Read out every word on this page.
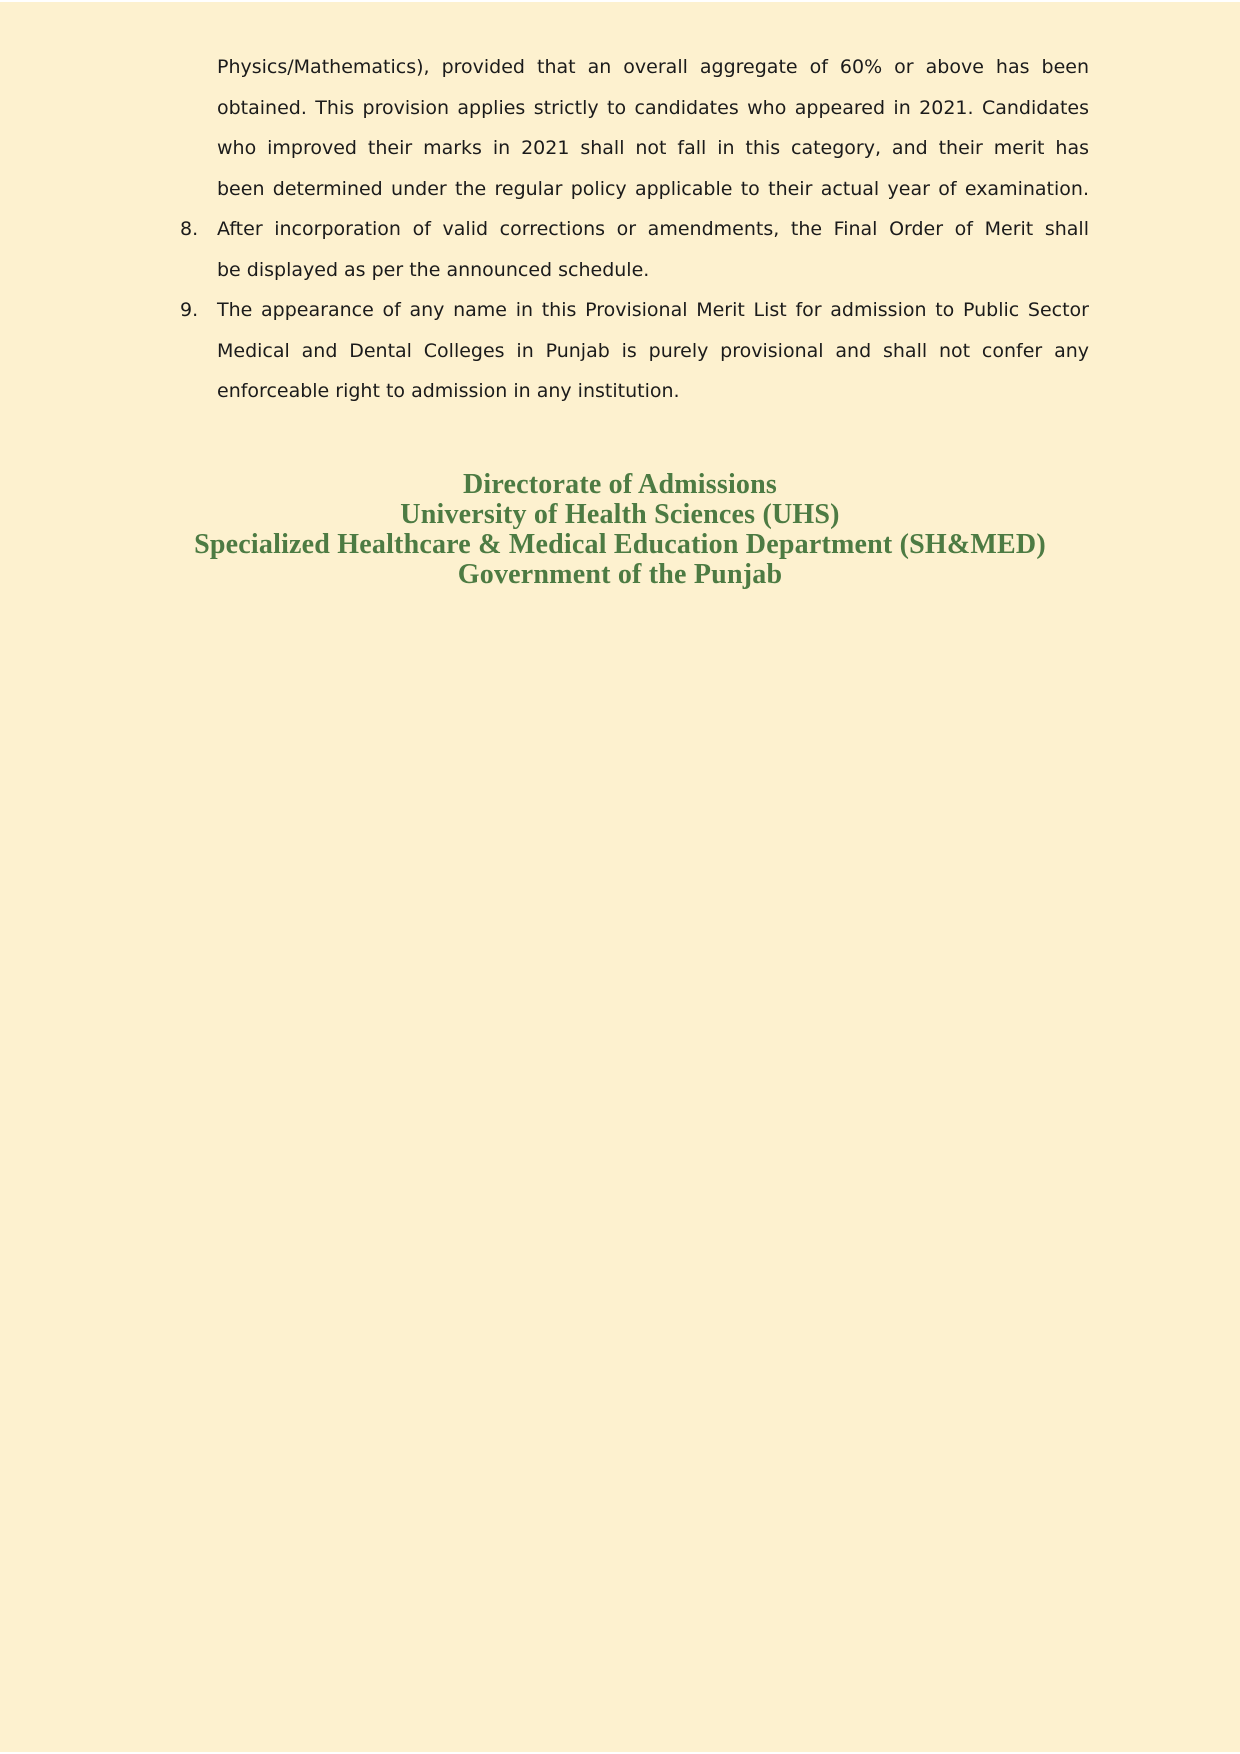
Physics/Mathematics), provided that an overall aggregate of 60% or above has been
obtained. This provision applies strictly to candidates who appeared in 2021. Candidates
who improved their marks in 2021 shall not fall in this category, and their merit has
been determined under the regular policy applicable to their actual year of examination.
8. After incorporation of valid corrections or amendments, the Final Order of Merit shall
be displayed as per the announced schedule.
9. The appearance of any name in this Provisional Merit List for admission to Public Sector
Medical and Dental Colleges in Punjab is purely provisional and shall not confer any
enforceable right to admission in any institution.
Directorate of Admissions
University of Health Sciences (UHS)
Specialized Healthcare & Medical Education Department (SH&MED)
Government of the Punjab
